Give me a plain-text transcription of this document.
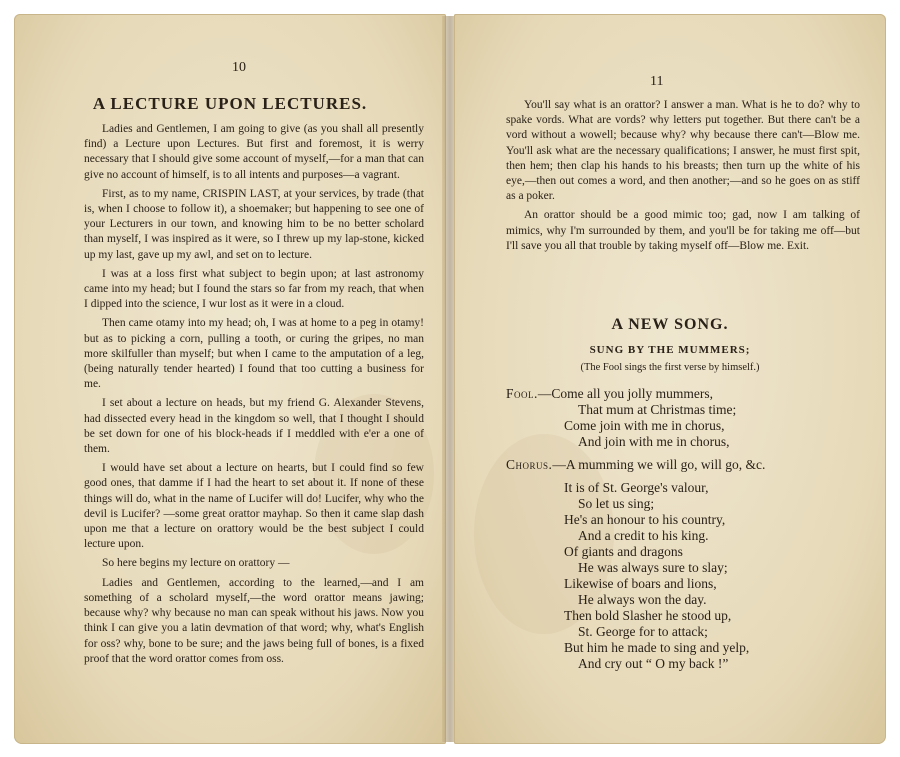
10
A LECTURE UPON LECTURES.

Ladies and Gentlemen, I am going to give (as you shall all presently find) a Lecture upon Lectures. But first and foremost, it is werry necessary that I should give some account of myself,—for a man that can give no account of himself, is to all intents and purposes—a vagrant.

First, as to my name, CRISPIN LAST, at your services, by trade (that is, when I choose to follow it), a shoemaker; but happening to see one of your Lecturers in our town, and knowing him to be no better scholard than myself, I was inspired as it were, so I threw up my lap-stone, kicked up my last, gave up my awl, and set on to lecture.

I was at a loss first what subject to begin upon; at last astronomy came into my head; but I found the stars so far from my reach, that when I dipped into the science, I wur lost as it were in a cloud.

Then came otamy into my head; oh, I was at home to a peg in otamy! but as to picking a corn, pulling a tooth, or curing the gripes, no man more skilfuller than myself; but when I came to the amputation of a leg, (being naturally tender hearted) I found that too cutting a business for me.

I set about a lecture on heads, but my friend G. Alexander Stevens, had dissected every head in the kingdom so well, that I thought I should be set down for one of his block-heads if I meddled with e'er a one of them.

I would have set about a lecture on hearts, but I could find so few good ones, that damme if I had the heart to set about it. If none of these things will do, what in the name of Lucifer will do! Lucifer, why who the devil is Lucifer? —some great orattor mayhap. So then it came slap dash upon me that a lecture on orattory would be the best subject I could lecture upon.

So here begins my lecture on orattory —

Ladies and Gentlemen, according to the learned,—and I am something of a scholard myself,—the word orattor means jawing; because why? why because no man can speak without his jaws. Now you think I can give you a latin devmation of that word; why, what's English for oss? why, bone to be sure; and the jaws being full of bones, is a fixed proof that the word orattor comes from oss.

11

You'll say what is an orattor? I answer a man. What is he to do? why to spake vords. What are vords? why letters put together. But there can't be a vord without a wowell; because why? why because there can't—Blow me. You'll ask what are the necessary qualifications; I answer, he must first spit, then hem; then clap his hands to his breasts; then turn up the white of his eye,—then out comes a word, and then another;—and so he goes on as stiff as a poker.

An orattor should be a good mimic too; gad, now I am talking of mimics, why I'm surrounded by them, and you'll be for taking me off—but I'll save you all that trouble by taking myself off—Blow me. Exit.

A NEW SONG.
SUNG BY THE MUMMERS;
(The Fool sings the first verse by himself.)
Fool.—Come all you jolly mummers,
That mum at Christmas time;
Come join with me in chorus,
And join with me in chorus,
Chorus.—A mumming we will go, will go, &c.
It is of St. George's valour,
So let us sing;
He's an honour to his country,
And a credit to his king.
Of giants and dragons
He was always sure to slay;
Likewise of boars and lions,
He always won the day.
Then bold Slasher he stood up,
St. George for to attack;
But him he made to sing and yelp,
And cry out “ O my back !”
